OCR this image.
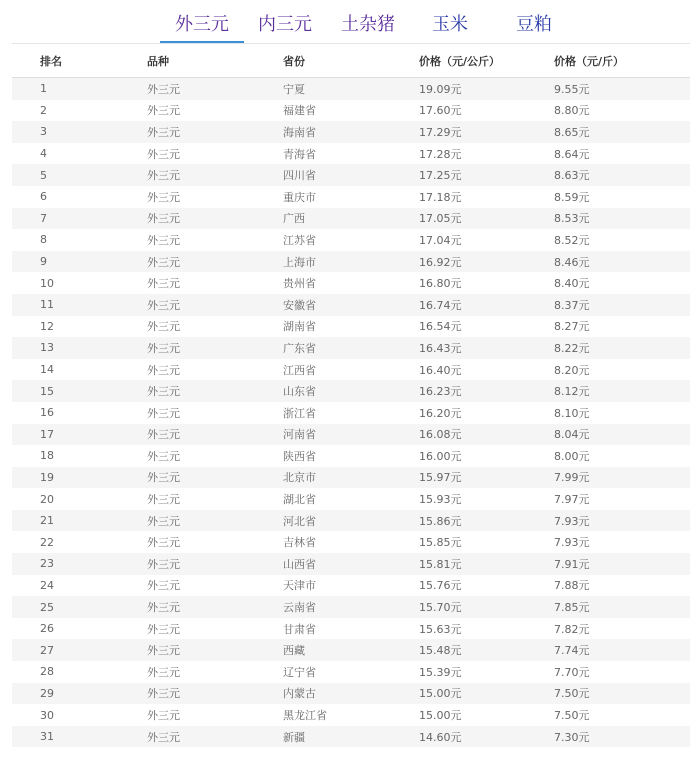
外三元 内三元 土杂猪 玉米	豆粕
排名	品种	省份	价格（元/公斤）	价格（元/斤）
1	外三元	宁夏	19.09元	9.55元
2	外三元	福建省	17.60元	8.80元
3	外三元	海南省	17.29元	8.65元
4	外三元	青海省	17.28元	8.64元
5	外三元	四川省	17.25元	8.63元
6	外三元	重庆市	17.18元	8.59元
7	外三元	广西	17.05元	8.53元
8	外三元	江苏省	17.04元	8.52元
9	外三元	上海市	16.92元	8.46元
10	外三元	贵州省	16.80元	8.40元
11	外三元	安徽省	16.74元	8.37元
12	外三元	湖南省	16.54元	8.27元
13	外三元	广东省	16.43元	8.22元
14	外三元	江西省	16.40元	8.20元
15	外三元	山东省	16.23元	8.12元
16	外三元	浙江省	16.20元	8.10元
17	外三元	河南省	16.08元	8.04元
18	外三元	陕西省	16.00元	8.00元
19	外三元	北京市	15.97元	7.99元
20	外三元	湖北省	15.93元	7.97元
21	外三元	河北省	15.86元	7.93元
22	外三元	吉林省	15.85元	7.93元
23	外三元	山西省	15.81元	7.91元
24	外三元	天津市	15.76元	7.88元
25	外三元	云南省	15.70元	7.85元
26	外三元	甘肃省	15.63元	7.82元
27	外三元	西藏	15.48元	7.74元
28	外三元	辽宁省	15.39元	7.70元
29	外三元	内蒙古	15.00元	7.50元
30	外三元	黑龙江省	15.00元	7.50元
31	外三元	新疆	14.60元	7.30元
